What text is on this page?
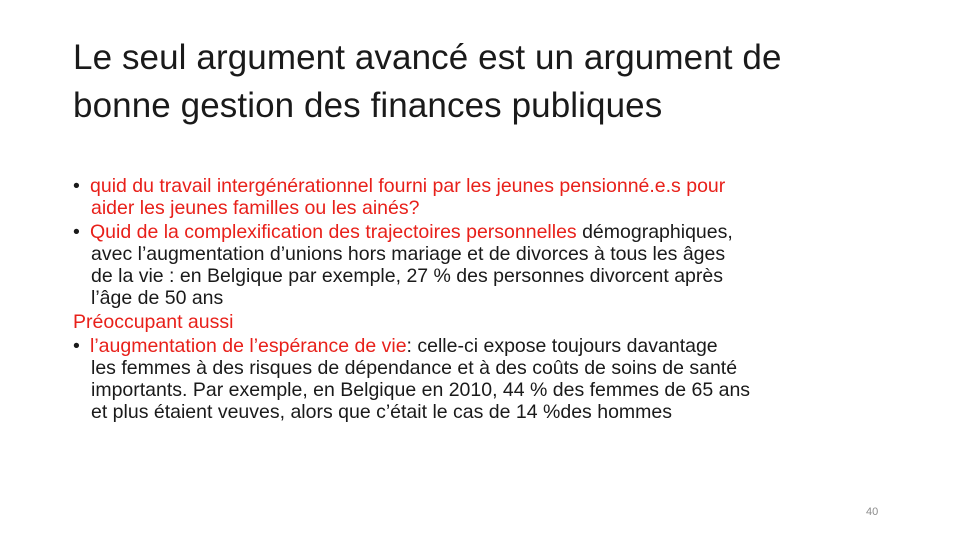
Le seul argument avancé est un argument de
bonne gestion des finances publiques
• quid du travail intergénérationnel fourni par les jeunes pensionné.e.s pour
aider les jeunes familles ou les ainés?
• Quid de la complexification des trajectoires personnelles démographiques,
avec l’augmentation d’unions hors mariage et de divorces à tous les âges
de la vie : en Belgique par exemple, 27 % des personnes divorcent après
l’âge de 50 ans

Préoccupant aussi

• l’augmentation de l’espérance de vie: celle-ci expose toujours davantage
les femmes à des risques de dépendance et à des coûts de soins de santé
importants. Par exemple, en Belgique en 2010, 44 % des femmes de 65 ans
et plus étaient veuves, alors que c’était le cas de 14 %des hommes
40
